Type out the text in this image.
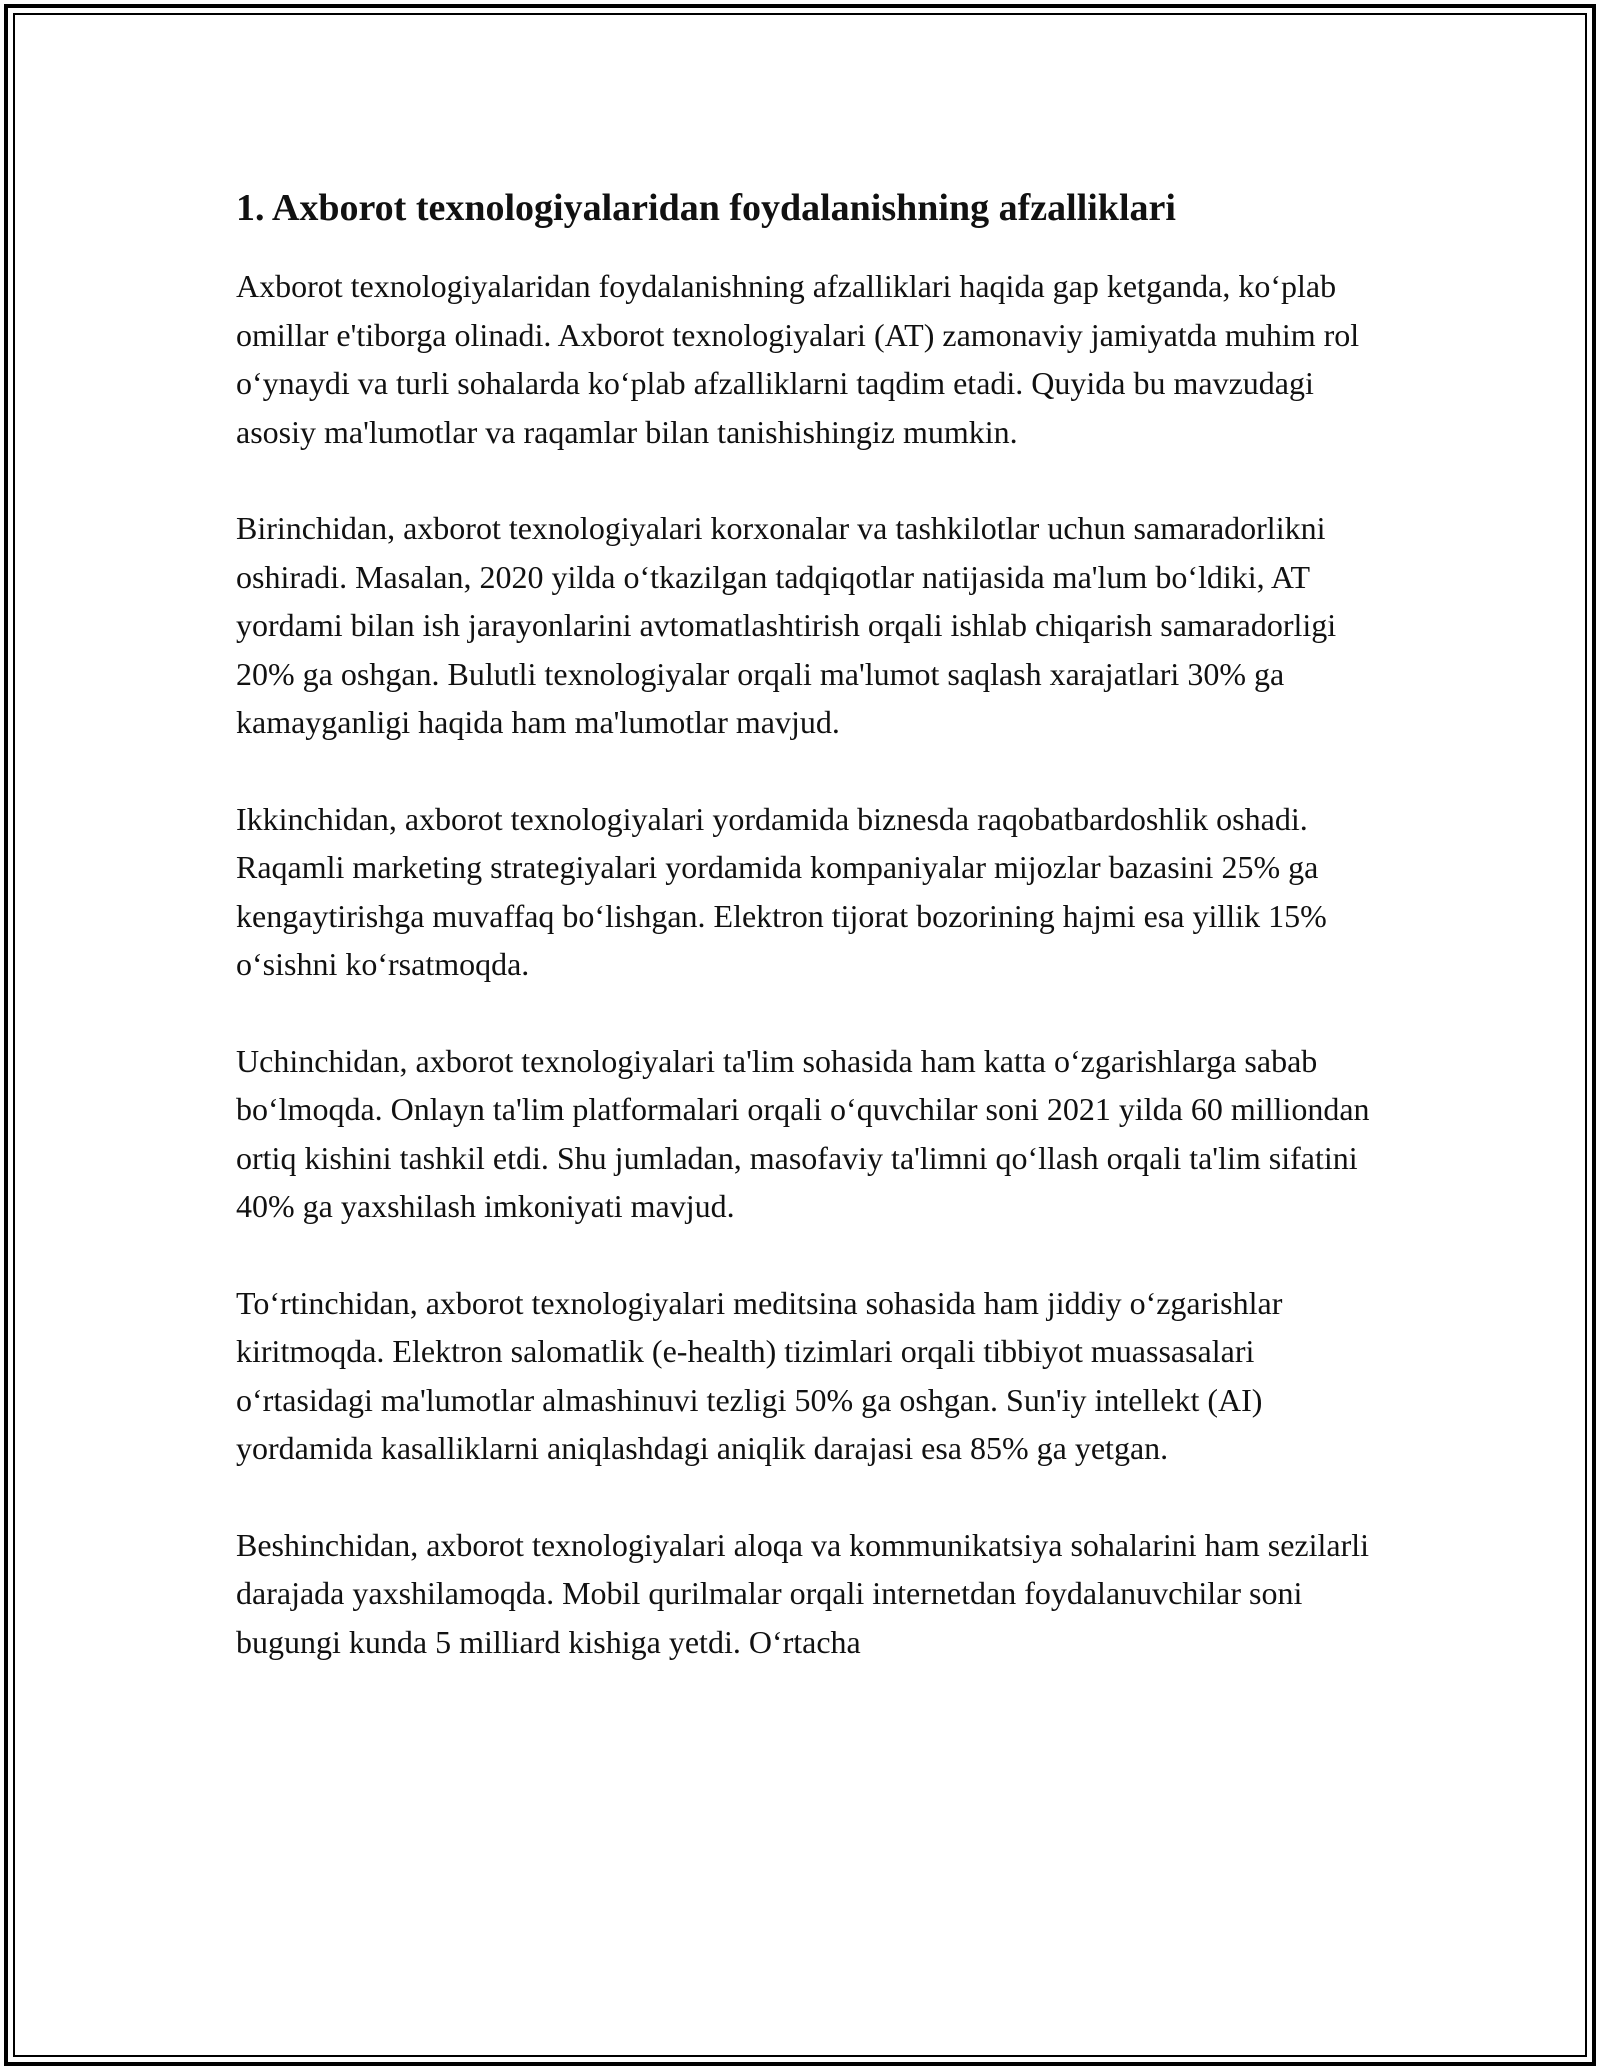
1. Axborot texnologiyalaridan foydalanishning afzalliklari

Axborot texnologiyalaridan foydalanishning afzalliklari haqida gap ketganda, ko‘plab omillar e'tiborga olinadi. Axborot texnologiyalari (AT) zamonaviy jamiyatda muhim rol o‘ynaydi va turli sohalarda ko‘plab afzalliklarni taqdim etadi. Quyida bu mavzudagi asosiy ma'lumotlar va raqamlar bilan tanishishingiz mumkin.

Birinchidan, axborot texnologiyalari korxonalar va tashkilotlar uchun samaradorlikni oshiradi. Masalan, 2020 yilda o‘tkazilgan tadqiqotlar natijasida ma'lum bo‘ldiki, AT yordami bilan ish jarayonlarini avtomatlashtirish orqali ishlab chiqarish samaradorligi 20% ga oshgan. Bulutli texnologiyalar orqali ma'lumot saqlash xarajatlari 30% ga kamayganligi haqida ham ma'lumotlar mavjud.

Ikkinchidan, axborot texnologiyalari yordamida biznesda raqobatbardoshlik oshadi. Raqamli marketing strategiyalari yordamida kompaniyalar mijozlar bazasini 25% ga kengaytirishga muvaffaq bo‘lishgan. Elektron tijorat bozorining hajmi esa yillik 15% o‘sishni ko‘rsatmoqda.

Uchinchidan, axborot texnologiyalari ta'lim sohasida ham katta o‘zgarishlarga sabab bo‘lmoqda. Onlayn ta'lim platformalari orqali o‘quvchilar soni 2021 yilda 60 milliondan ortiq kishini tashkil etdi. Shu jumladan, masofaviy ta'limni qo‘llash orqali ta'lim sifatini 40% ga yaxshilash imkoniyati mavjud.

To‘rtinchidan, axborot texnologiyalari meditsina sohasida ham jiddiy o‘zgarishlar kiritmoqda. Elektron salomatlik (e-health) tizimlari orqali tibbiyot muassasalari o‘rtasidagi ma'lumotlar almashinuvi tezligi 50% ga oshgan. Sun'iy intellekt (AI) yordamida kasalliklarni aniqlashdagi aniqlik darajasi esa 85% ga yetgan.

Beshinchidan, axborot texnologiyalari aloqa va kommunikatsiya sohalarini ham sezilarli darajada yaxshilamoqda. Mobil qurilmalar orqali internetdan foydalanuvchilar soni bugungi kunda 5 milliard kishiga yetdi. O‘rtacha
